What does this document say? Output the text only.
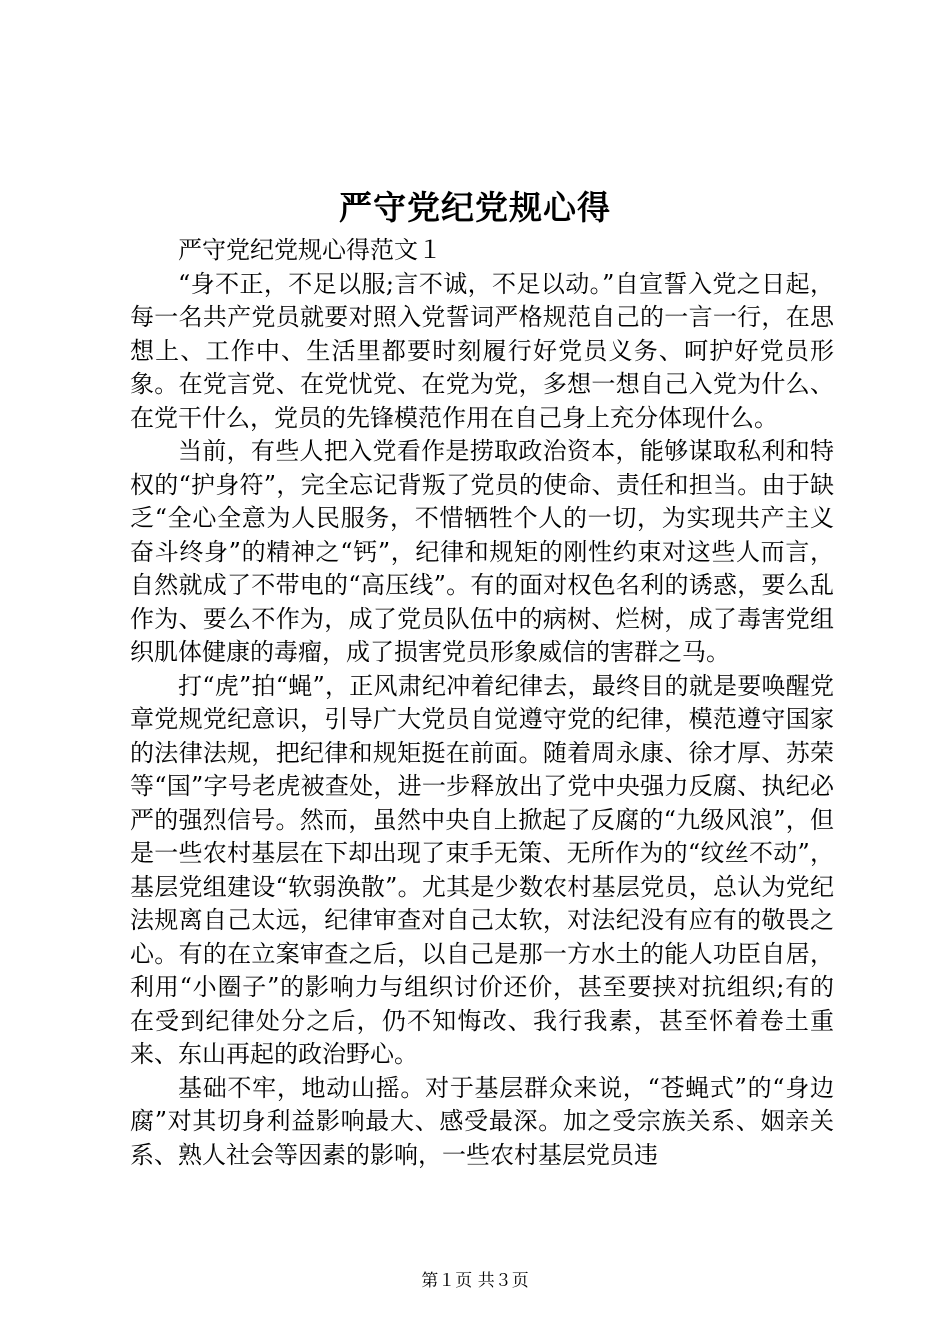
严守党纪党规心得

严守党纪党规心得范文１

“身不正，不足以服;言不诚，不足以动。”自宣誓入党之日起，每一名共产党员就要对照入党誓词严格规范自己的一言一行，在思想上、工作中、生活里都要时刻履行好党员义务、呵护好党员形象。在党言党、在党忧党、在党为党，多想一想自己入党为什么、在党干什么，党员的先锋模范作用在自己身上充分体现什么。

当前，有些人把入党看作是捞取政治资本，能够谋取私利和特权的“护身符”，完全忘记背叛了党员的使命、责任和担当。由于缺乏“全心全意为人民服务，不惜牺牲个人的一切，为实现共产主义奋斗终身”的精神之“钙”，纪律和规矩的刚性约束对这些人而言，自然就成了不带电的“高压线”。有的面对权色名利的诱惑，要么乱作为、要么不作为，成了党员队伍中的病树、烂树，成了毒害党组织肌体健康的毒瘤，成了损害党员形象威信的害群之马。

打“虎”拍“蝇”，正风肃纪冲着纪律去，最终目的就是要唤醒党章党规党纪意识，引导广大党员自觉遵守党的纪律，模范遵守国家的法律法规，把纪律和规矩挺在前面。随着周永康、徐才厚、苏荣等“国”字号老虎被查处，进一步释放出了党中央强力反腐、执纪必严的强烈信号。然而，虽然中央自上掀起了反腐的“九级风浪”，但是一些农村基层在下却出现了束手无策、无所作为的“纹丝不动”，基层党组建设“软弱涣散”。尤其是少数农村基层党员，总认为党纪法规离自己太远，纪律审查对自己太软，对法纪没有应有的敬畏之心。有的在立案审查之后，以自己是那一方水土的能人功臣自居，利用“小圈子”的影响力与组织讨价还价，甚至要挟对抗组织;有的在受到纪律处分之后，仍不知悔改、我行我素，甚至怀着卷土重来、东山再起的政治野心。

基础不牢，地动山摇。对于基层群众来说，“苍蝇式”的“身边腐”对其切身利益影响最大、感受最深。加之受宗族关系、姻亲关系、熟人社会等因素的影响，一些农村基层党员违

第１页 共３页
